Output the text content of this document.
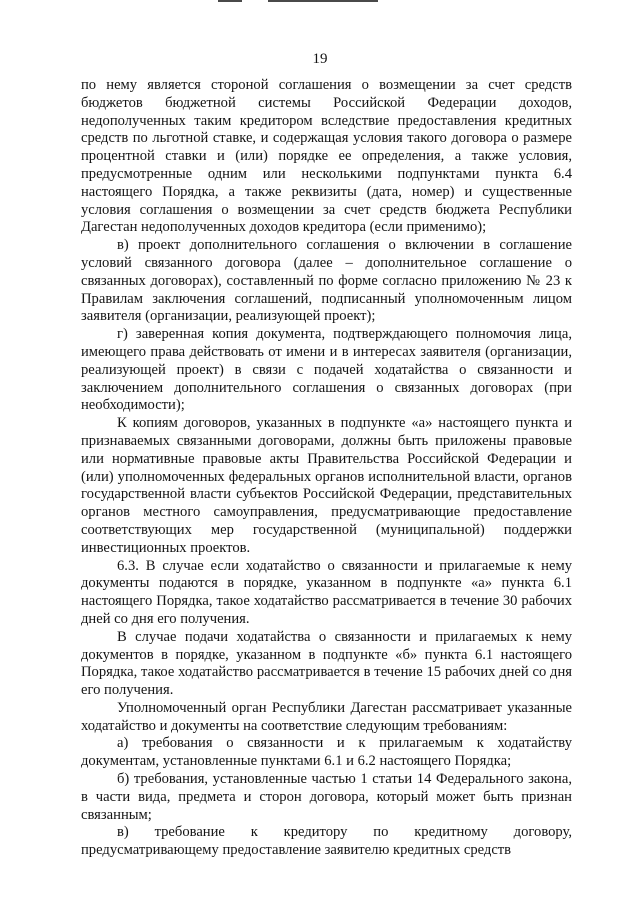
19

по нему является стороной соглашения о возмещении за счет средств бюджетов бюджетной системы Российской Федерации доходов, недополученных таким кредитором вследствие предоставления кредитных средств по льготной ставке, и содержащая условия такого договора о размере процентной ставки и (или) порядке ее определения, а также условия, предусмотренные одним или несколькими подпунктами пункта 6.4 настоящего Порядка, а также реквизиты (дата, номер) и существенные условия соглашения о возмещении за счет средств бюджета Республики Дагестан недополученных доходов кредитора (если применимо);

в) проект дополнительного соглашения о включении в соглашение условий связанного договора (далее – дополнительное соглашение о связанных договорах), составленный по форме согласно приложению № 23 к Правилам заключения соглашений, подписанный уполномоченным лицом заявителя (организации, реализующей проект);

г) заверенная копия документа, подтверждающего полномочия лица, имеющего права действовать от имени и в интересах заявителя (организации, реализующей проект) в связи с подачей ходатайства о связанности и заключением дополнительного соглашения о связанных договорах (при необходимости);

К копиям договоров, указанных в подпункте «а» настоящего пункта и признаваемых связанными договорами, должны быть приложены правовые или нормативные правовые акты Правительства Российской Федерации и (или) уполномоченных федеральных органов исполнительной власти, органов государственной власти субъектов Российской Федерации, представительных органов местного самоуправления, предусматривающие предоставление соответствующих мер государственной (муниципальной) поддержки инвестиционных проектов.

6.3. В случае если ходатайство о связанности и прилагаемые к нему документы подаются в порядке, указанном в подпункте «а» пункта 6.1 настоящего Порядка, такое ходатайство рассматривается в течение 30 рабочих дней со дня его получения.

В случае подачи ходатайства о связанности и прилагаемых к нему документов в порядке, указанном в подпункте «б» пункта 6.1 настоящего Порядка, такое ходатайство рассматривается в течение 15 рабочих дней со дня его получения.

Уполномоченный орган Республики Дагестан рассматривает указанные ходатайство и документы на соответствие следующим требованиям:

а) требования о связанности и к прилагаемым к ходатайству документам, установленные пунктами 6.1 и 6.2 настоящего Порядка;

б) требования, установленные частью 1 статьи 14 Федерального закона, в части вида, предмета и сторон договора, который может быть признан связанным;

в) требование к кредитору по кредитному договору, предусматривающему предоставление заявителю кредитных средств
